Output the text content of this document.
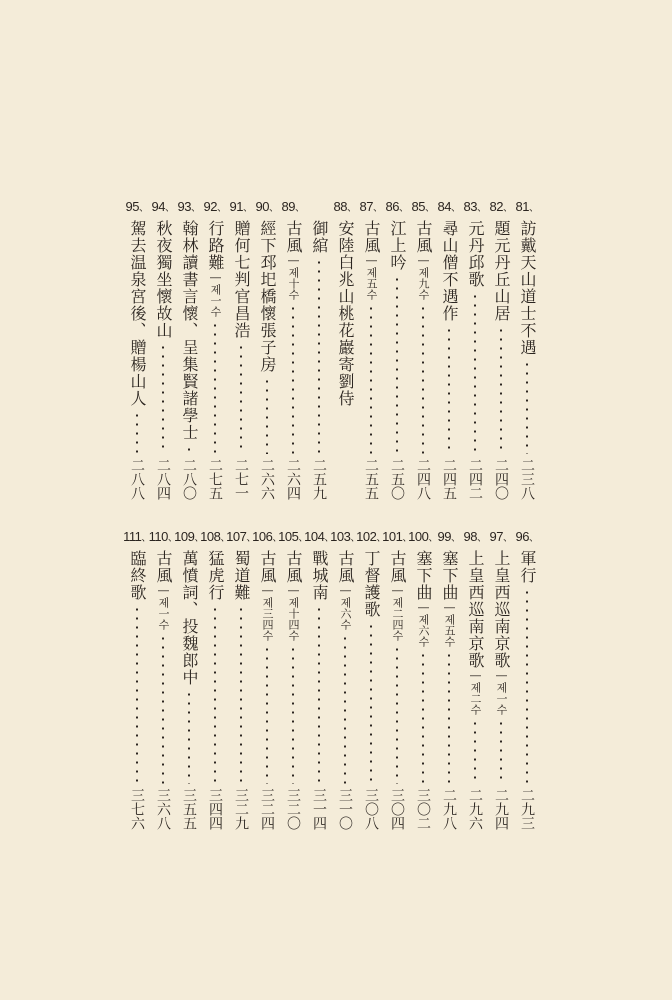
81 、
訪戴天山道士不遇
二三八
82 、
題元丹丘山居
二四〇
83 、
元丹邱歌
二四二
84 、
尋山僧不遇作
二四五
85 、
古風
―제九수
二四八
86 、
江上吟
二五〇
87 、
古風
―제五수
二五五
88 、
安陸白兆山桃花巖寄劉侍
御綰
二五九
89 、
古風
―제十수
二六四
90 、
經下邳圯橋懷張子房
二六六
91 、
贈何七判官昌浩
二七一
92 、
行路難
―제一수
二七五
93 、
翰林讀書言懷、呈集賢諸學士
二八〇
94 、
秋夜獨坐懷故山
二八四
95 、
駕去温泉宮後、贈楊山人
二八八
96 、
軍行
二九三
97 、
上皇西巡南京歌
―제一수
二九四
98 、
上皇西巡南京歌
―제二수
二九六
99 、
塞下曲
―제五수
二九八
100 、
塞下曲
―제六수
三〇二
101 、
古風
―제二四수
三〇四
102 、
丁督護歌
三〇八
103 、
古風
―제六수
三一〇
104 、
戰城南
三一四
105 、
古風
―제十四수
三二〇
106 、
古風
―제三四수
三二四
107 、
蜀道難
三二九
108 、
猛虎行
三四四
109 、
萬憤詞、投魏郎中
三五五
110 、
古風
―제一수
三六八
111 、
臨終歌
三七六
